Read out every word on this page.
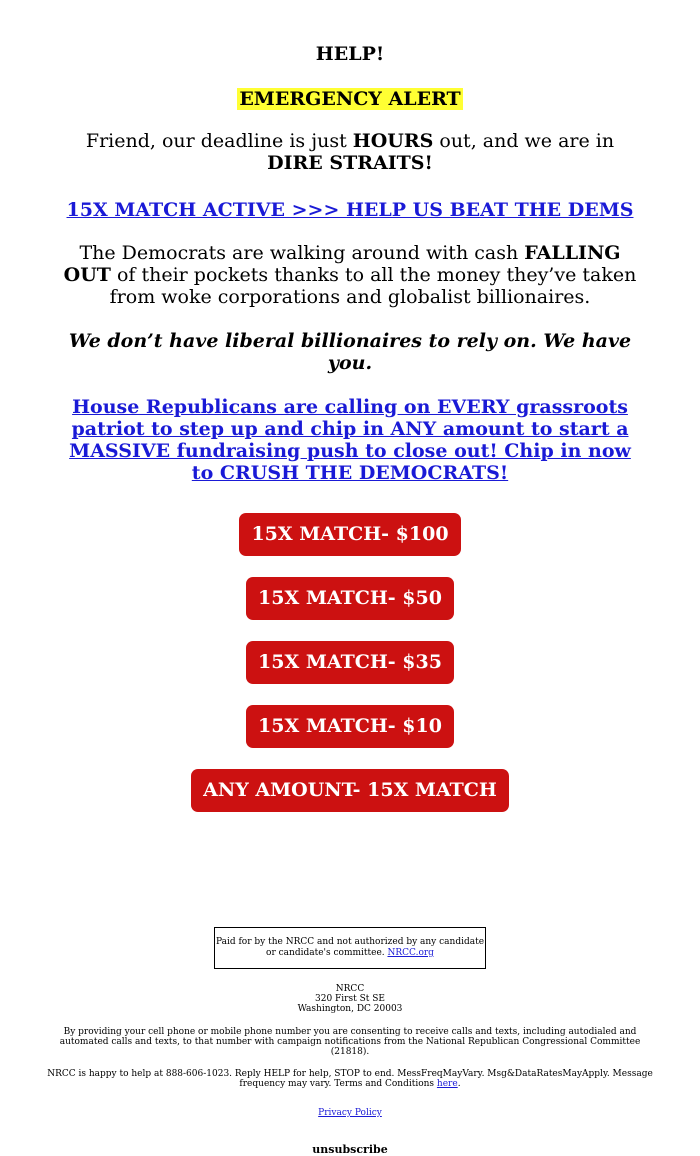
HELP!

EMERGENCY ALERT

Friend, our deadline is just HOURS out, and we are in DIRE STRAITS!

15X MATCH ACTIVE >>> HELP US BEAT THE DEMS

The Democrats are walking around with cash FALLING OUT of their pockets thanks to all the money they’ve taken from woke corporations and globalist billionaires.

We don’t have liberal billionaires to rely on. We have you.

House Republicans are calling on EVERY grassroots patriot to step up and chip in ANY amount to start a MASSIVE fundraising push to close out! Chip in now to CRUSH THE DEMOCRATS!
15X MATCH- $100
15X MATCH- $50
15X MATCH- $35
15X MATCH- $10
ANY AMOUNT- 15X MATCH
Paid for by the NRCC and not authorized by any candidate or candidate's committee. NRCC.org
NRCC
320 First St SE
Washington, DC 20003

By providing your cell phone or mobile phone number you are consenting to receive calls and texts, including autodialed and automated calls and texts, to that number with campaign notifications from the National Republican Congressional Committee (21818).

NRCC is happy to help at 888-606-1023. Reply HELP for help, STOP to end. MessFreqMayVary. Msg&DataRatesMayApply. Message frequency may vary. Terms and Conditions here.

Privacy Policy

unsubscribe
